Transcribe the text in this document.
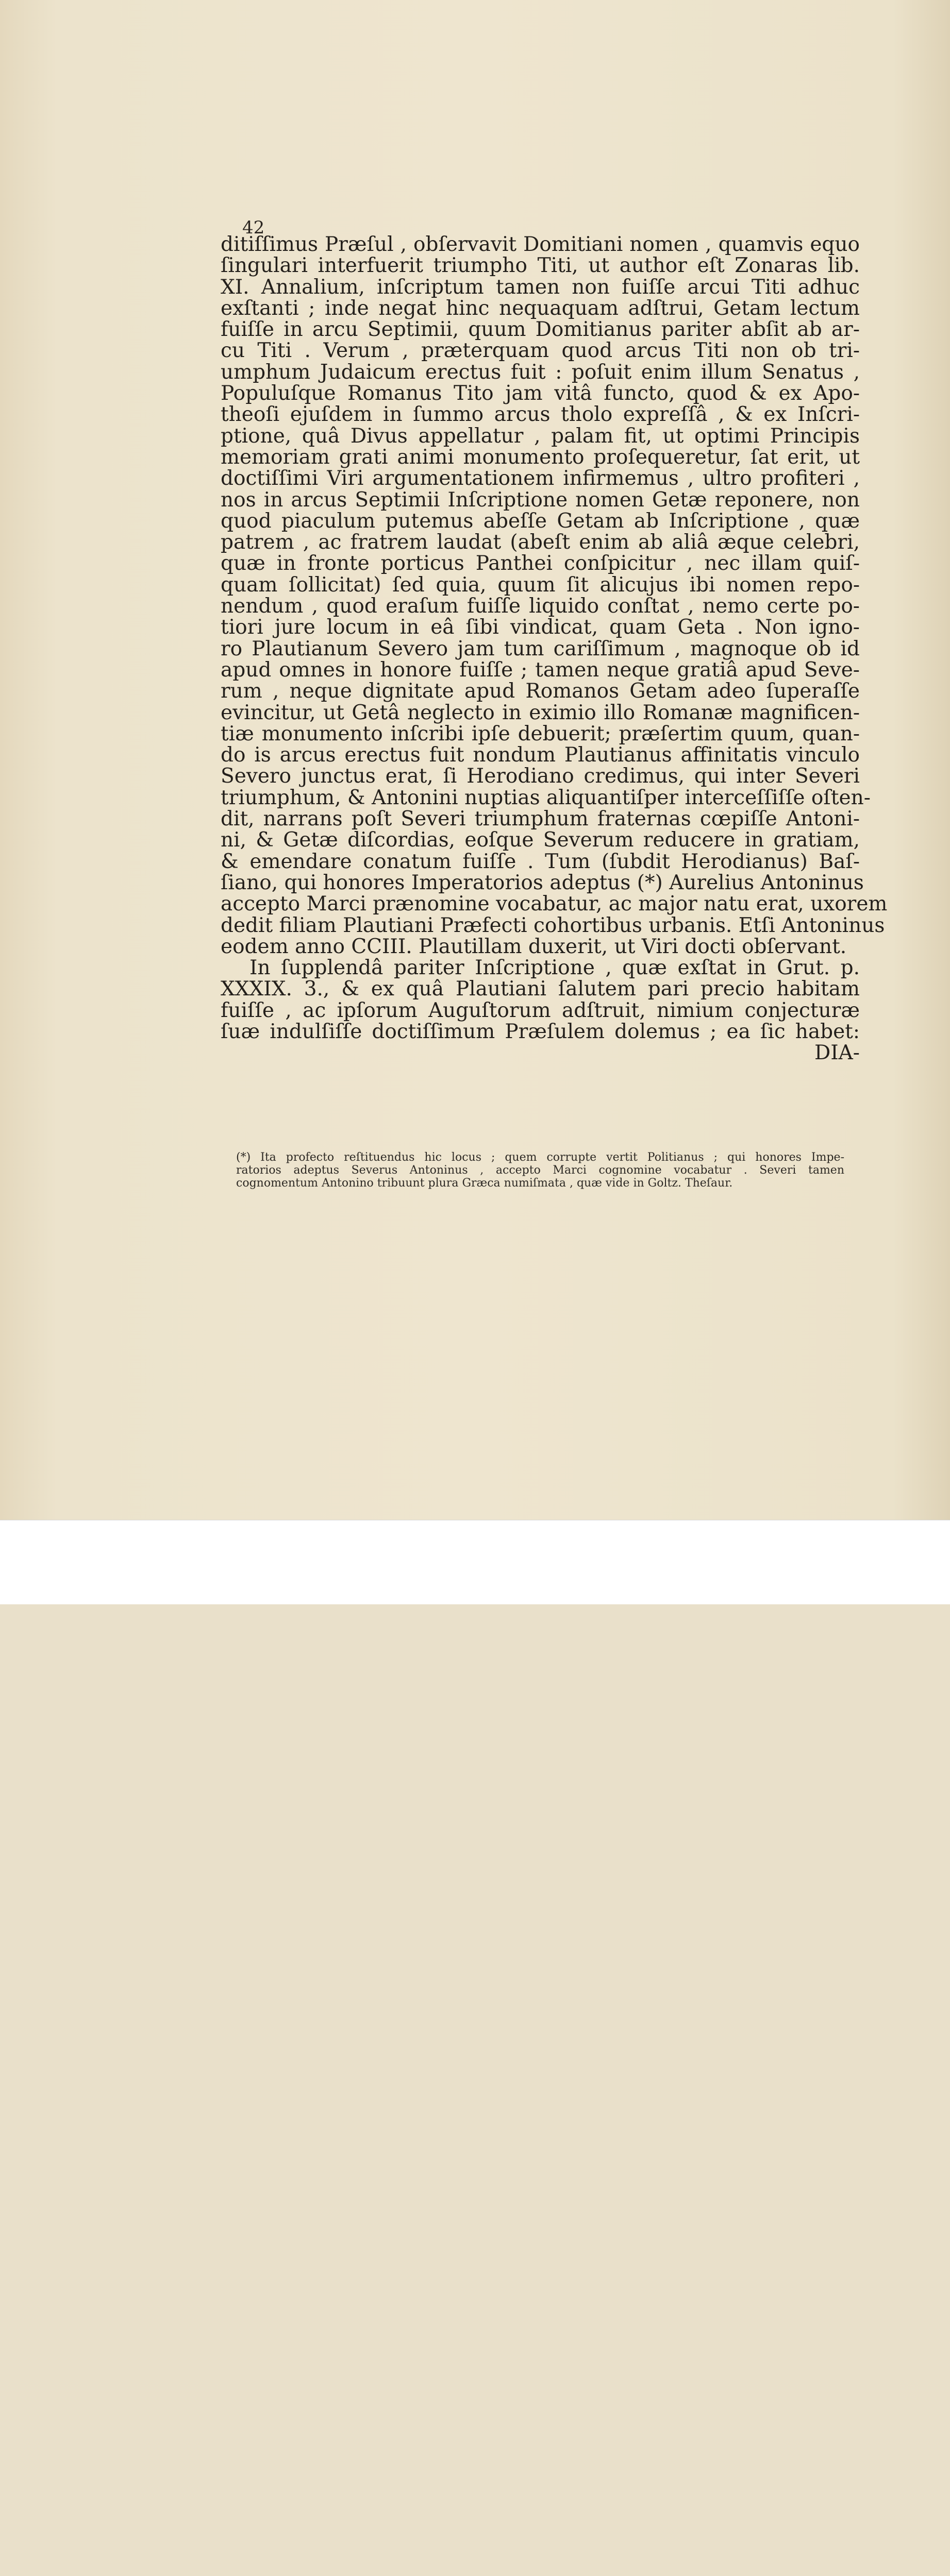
42
ditiſſimus Præſul , obſervavit Domitiani nomen , quamvis equo
ſingulari interfuerit triumpho Titi, ut author eſt Zonaras lib.
XI. Annalium, inſcriptum tamen non fuiſſe arcui Titi adhuc
exſtanti ; inde negat hinc nequaquam adſtrui, Getam lectum
fuiſſe in arcu Septimii, quum Domitianus pariter abſit ab ar-
cu Titi . Verum , præterquam quod arcus Titi non ob tri-
umphum Judaicum erectus fuit : poſuit enim illum Senatus ,
Populuſque Romanus Tito jam vitâ functo, quod & ex Apo-
theoſi ejuſdem in ſummo arcus tholo expreſſâ , & ex Inſcri-
ptione, quâ Divus appellatur , palam fit, ut optimi Principis
memoriam grati animi monumento proſequeretur, ſat erit, ut
doctiſſimi Viri argumentationem infirmemus , ultro profiteri ,
nos in arcus Septimii Inſcriptione nomen Getæ reponere, non
quod piaculum putemus abeſſe Getam ab Inſcriptione , quæ
patrem , ac fratrem laudat (abeſt enim ab aliâ æque celebri,
quæ in fronte porticus Panthei conſpicitur , nec illam quiſ-
quam ſollicitat) ſed quia, quum ſit alicujus ibi nomen repo-
nendum , quod eraſum fuiſſe liquido conſtat , nemo certe po-
tiori jure locum in eâ ſibi vindicat, quam Geta . Non igno-
ro Plautianum Severo jam tum cariſſimum , magnoque ob id
apud omnes in honore fuiſſe ; tamen neque gratiâ apud Seve-
rum , neque dignitate apud Romanos Getam adeo ſuperaſſe
evincitur, ut Getâ neglecto in eximio illo Romanæ magnificen-
tiæ monumento inſcribi ipſe debuerit; præſertim quum, quan-
do is arcus erectus fuit nondum Plautianus affinitatis vinculo
Severo junctus erat, ſi Herodiano credimus, qui inter Severi
triumphum, & Antonini nuptias aliquantiſper interceſſiſſe oſten-
dit, narrans poſt Severi triumphum fraternas cœpiſſe Antoni-
ni, & Getæ diſcordias, eoſque Severum reducere in gratiam,
& emendare conatum fuiſſe . Tum (ſubdit Herodianus) Baſ-
ſiano, qui honores Imperatorios adeptus (*) Aurelius Antoninus
accepto Marci prænomine vocabatur, ac major natu erat, uxorem
dedit filiam Plautiani Præfecti cohortibus urbanis. Etſi Antoninus
eodem anno CCIII. Plautillam duxerit, ut Viri docti obſervant.
In ſupplendâ pariter Inſcriptione , quæ exſtat in Grut. p.
XXXIX. 3., & ex quâ Plautiani ſalutem pari precio habitam
fuiſſe , ac ipſorum Auguſtorum adſtruit, nimium conjecturæ
ſuæ indulſiſſe doctiſſimum Præſulem dolemus ; ea ſic habet:
DIA-
(*) Ita profecto reſtituendus hic locus ; quem corrupte vertit Politianus ; qui honores Impe-
ratorios adeptus Severus Antoninus , accepto Marci cognomine vocabatur . Severi tamen
cognomentum Antonino tribuunt plura Græca numiſmata , quæ vide in Goltz. Theſaur.
